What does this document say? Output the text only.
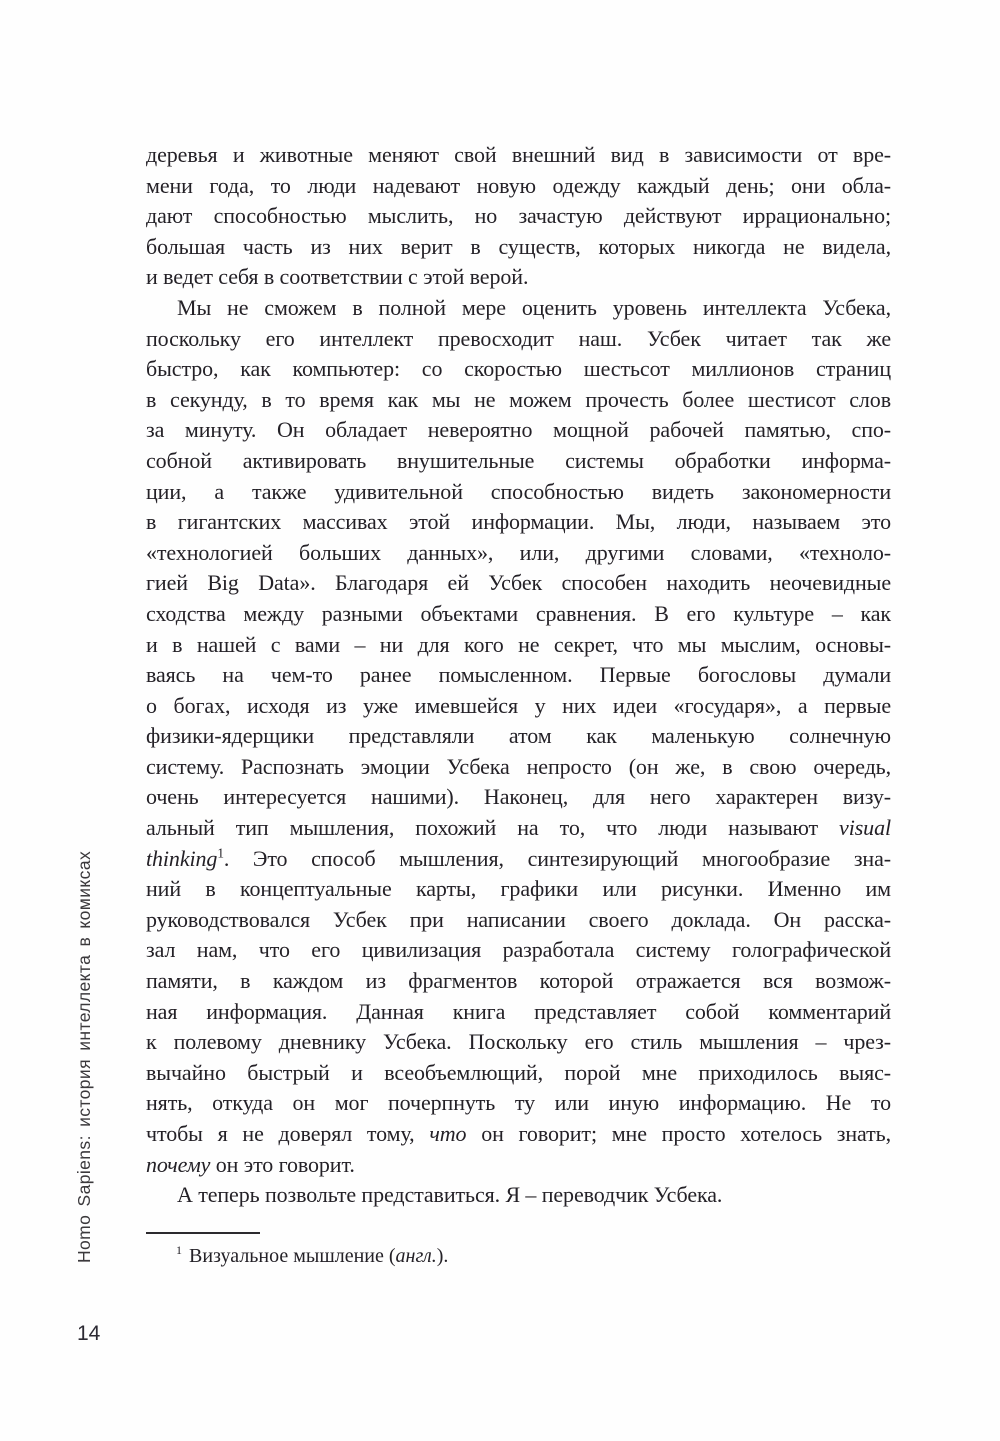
Homo Sapiens: история интеллекта в комиксах
деревья и животные меняют свой внешний вид в зависимости от вре-
мени года, то люди надевают новую одежду каждый день; они обла-
дают способностью мыслить, но зачастую действуют иррационально;
большая часть из них верит в существ, которых никогда не видела,
и ведет себя в соответствии с этой верой.
Мы не сможем в полной мере оценить уровень интеллекта Усбека,
поскольку его интеллект превосходит наш. Усбек читает так же
быстро, как компьютер: со скоростью шестьсот миллионов страниц
в секунду, в то время как мы не можем прочесть более шестисот слов
за минуту. Он обладает невероятно мощной рабочей памятью, спо-
собной активировать внушительные системы обработки информа-
ции, а также удивительной способностью видеть закономерности
в гигантских массивах этой информации. Мы, люди, называем это
«технологией больших данных», или, другими словами, «техноло-
гией Big Data». Благодаря ей Усбек способен находить неочевидные
сходства между разными объектами сравнения. В его культуре – как
и в нашей с вами – ни для кого не секрет, что мы мыслим, основы-
ваясь на чем-то ранее помысленном. Первые богословы думали
о богах, исходя из уже имевшейся у них идеи «государя», а первые
физики-ядерщики представляли атом как маленькую солнечную
систему. Распознать эмоции Усбека непросто (он же, в свою очередь,
очень интересуется нашими). Наконец, для него характерен визу-
альный тип мышления, похожий на то, что люди называют visual
thinking$^1$. Это способ мышления, синтезирующий многообразие зна-
ний в концептуальные карты, графики или рисунки. Именно им
руководствовался Усбек при написании своего доклада. Он расска-
зал нам, что его цивилизация разработала систему голографической
памяти, в каждом из фрагментов которой отражается вся возмож-
ная информация. Данная книга представляет собой комментарий
к полевому дневнику Усбека. Поскольку его стиль мышления – чрез-
вычайно быстрый и всеобъемлющий, порой мне приходилось выяс-
нять, откуда он мог почерпнуть ту или иную информацию. Не то
чтобы я не доверял тому, что он говорит; мне просто хотелось знать,
почему он это говорит.
А теперь позвольте представиться. Я – переводчик Усбека.
$^1$ Визуальное мышление (англ.).
14
